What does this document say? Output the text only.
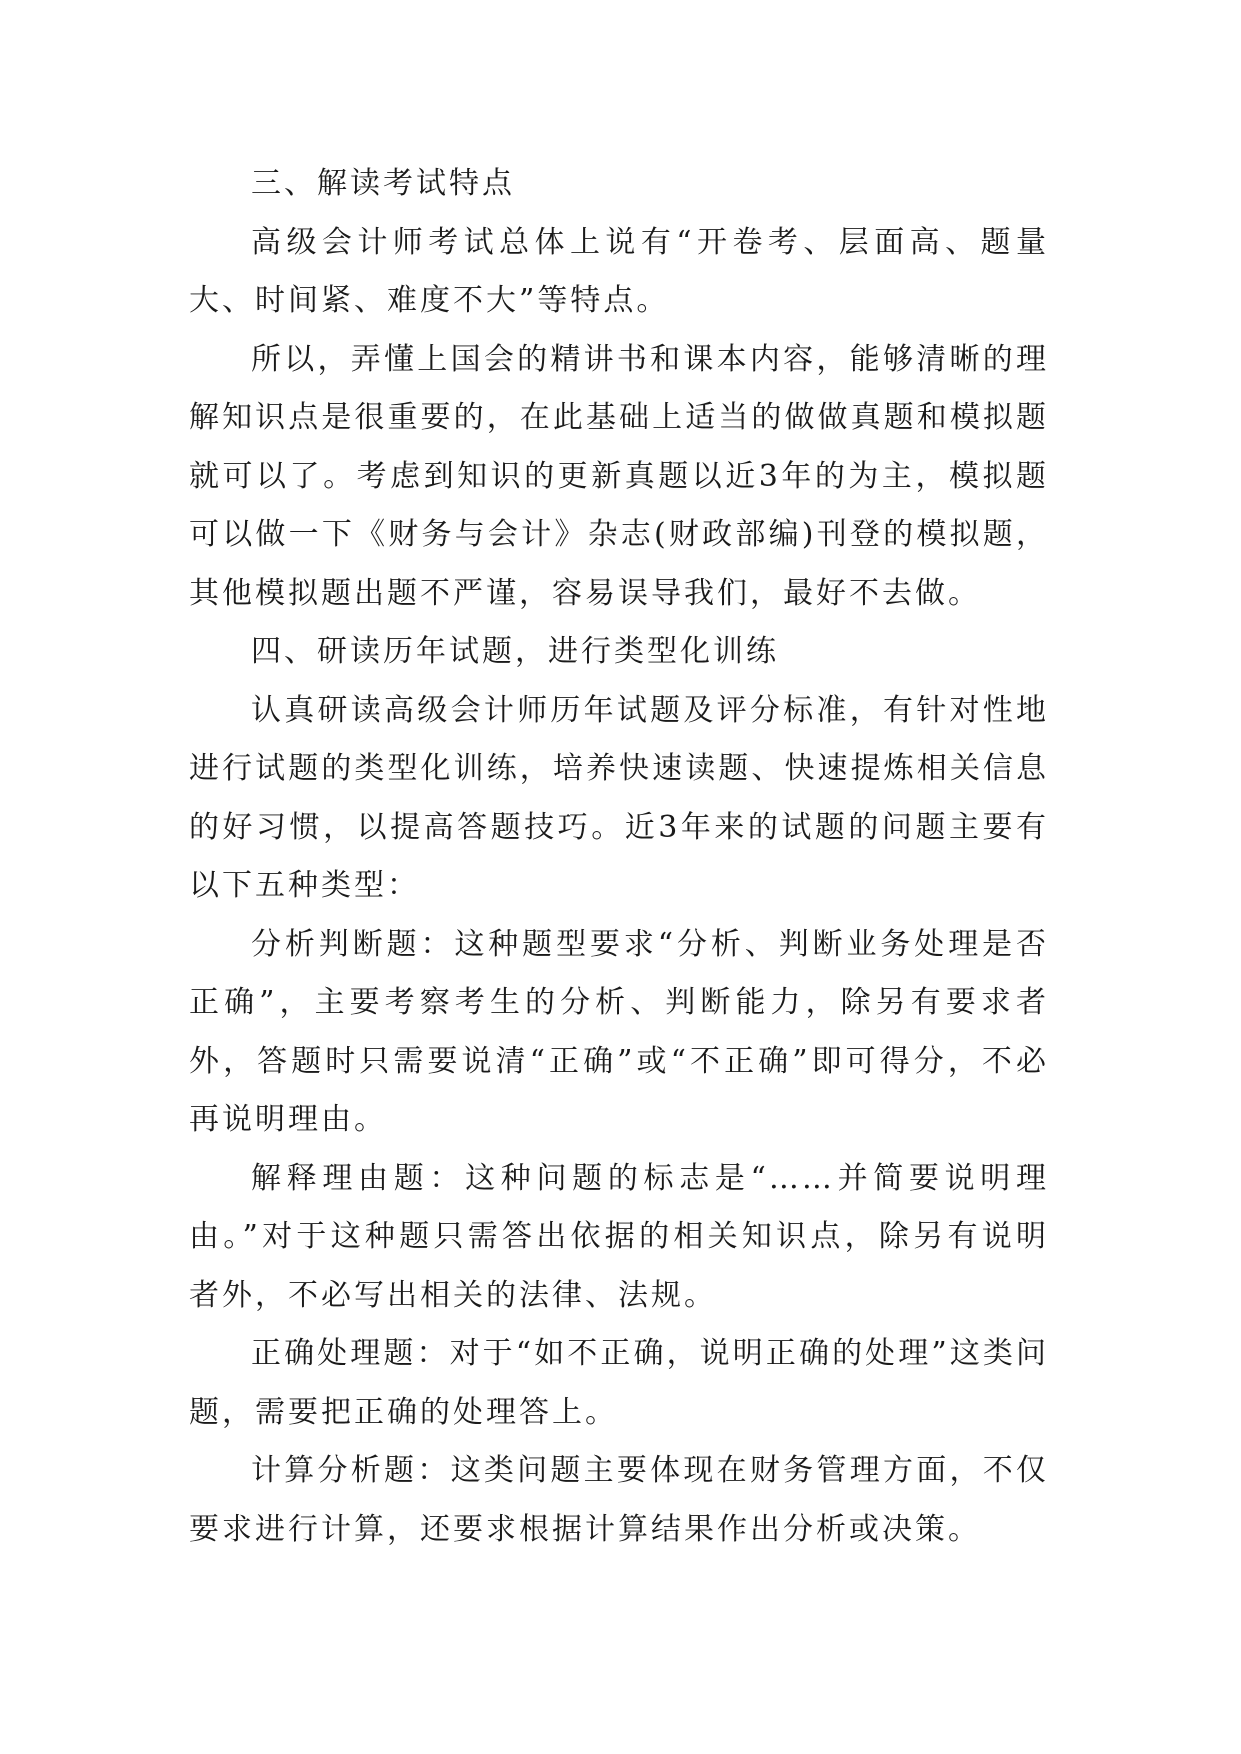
三、解读考试特点

高级会计师考试总体上说有“开卷考、层面高、题量大、时间紧、难度不大”等特点。

所以，弄懂上国会的精讲书和课本内容，能够清晰的理解知识点是很重要的，在此基础上适当的做做真题和模拟题就可以了。考虑到知识的更新真题以近3年的为主，模拟题可以做一下《财务与会计》杂志(财政部编)刊登的模拟题，其他模拟题出题不严谨，容易误导我们，最好不去做。

四、研读历年试题，进行类型化训练

认真研读高级会计师历年试题及评分标准，有针对性地进行试题的类型化训练，培养快速读题、快速提炼相关信息的好习惯，以提高答题技巧。近3年来的试题的问题主要有以下五种类型：

分析判断题：这种题型要求“分析、判断业务处理是否正确”，主要考察考生的分析、判断能力，除另有要求者外，答题时只需要说清“正确”或“不正确”即可得分，不必再说明理由。

解释理由题：这种问题的标志是“……并简要说明理由。”对于这种题只需答出依据的相关知识点，除另有说明者外，不必写出相关的法律、法规。

正确处理题：对于“如不正确，说明正确的处理”这类问题，需要把正确的处理答上。

计算分析题：这类问题主要体现在财务管理方面，不仅要求进行计算，还要求根据计算结果作出分析或决策。
